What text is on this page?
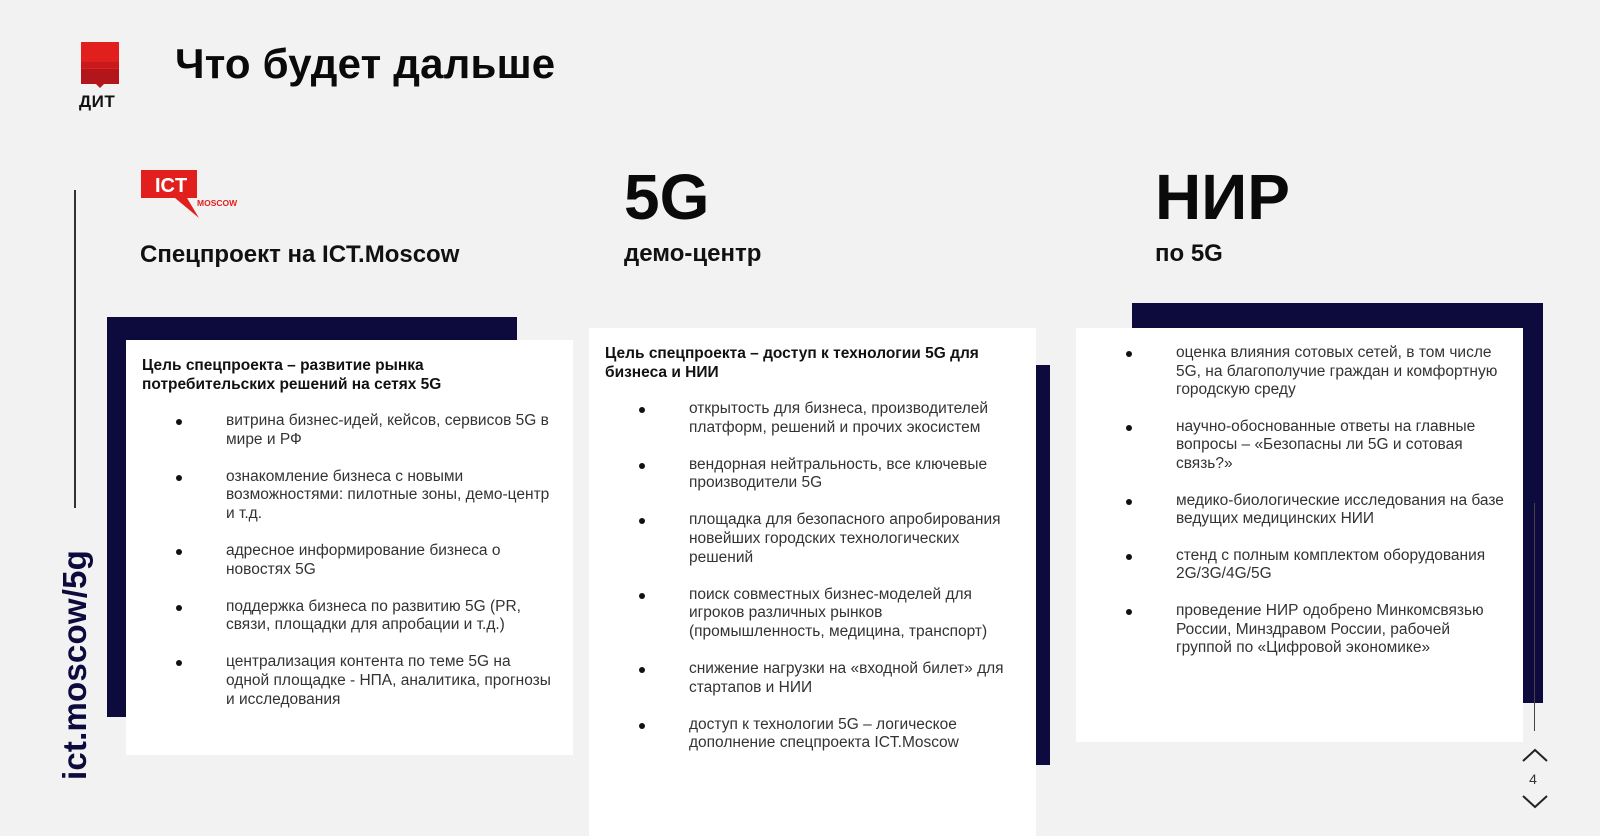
ДИТ
Что будет дальше
ict.moscow/5g
ICT
MOSCOW
Спецпроект на ICT.Moscow
5G
демо-центр
НИР
по 5G
Цель спецпроекта – развитие рынка потребительских решений на сетях 5G
витрина бизнес-идей, кейсов, сервисов 5G в мире и РФ
ознакомление бизнеса с новыми возможностями: пилотные зоны, демо-центр и т.д.
адресное информирование бизнеса о новостях 5G
поддержка бизнеса по развитию 5G (PR, связи, площадки для апробации и т.д.)
централизация контента по теме 5G на одной площадке - НПА, аналитика, прогнозы и исследования
Цель спецпроекта – доступ к технологии 5G для бизнеса и НИИ
открытость для бизнеса, производителей платформ, решений и прочих экосистем
вендорная нейтральность, все ключевые производители 5G
площадка для безопасного апробирования новейших городских технологических решений
поиск совместных бизнес-моделей для игроков различных рынков (промышленность, медицина, транспорт)
снижение нагрузки на «входной билет» для стартапов и НИИ
доступ к технологии 5G – логическое дополнение спецпроекта ICT.Moscow
оценка влияния сотовых сетей, в том числе 5G, на благополучие граждан и комфортную городскую среду
научно-обоснованные ответы на главные вопросы – «Безопасны ли 5G и сотовая связь?»
медико-биологические исследования на базе ведущих медицинских НИИ
стенд с полным комплектом оборудования 2G/3G/4G/5G
проведение НИР одобрено Минкомсвязью России, Минздравом России, рабочей группой по «Цифровой экономике»
4
